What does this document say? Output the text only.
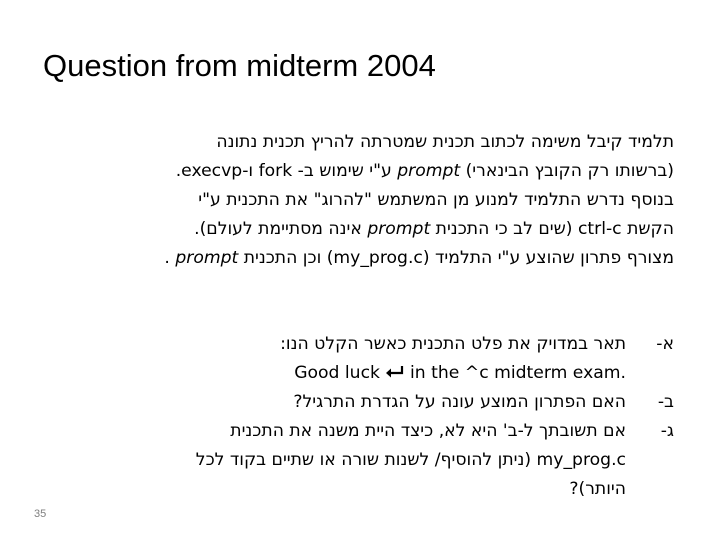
Question from midterm 2004
תלמיד קיבל משימה לכתוב תכנית שמטרתה להריץ תכנית נתונה
(ברשותו רק הקובץ הבינארי) prompt ע"י שימוש ב- fork ו-execvp.
בנוסף נדרש התלמיד למנוע מן המשתמש "להרוג" את התכנית ע"י
הקשת ctrl-c (שים לב כי התכנית prompt אינה מסתיימת לעולם).
מצורף פתרון שהוצע ע"י התלמיד (my_prog.c) וכן התכנית prompt .
א-
תאר במדויק את פלט התכנית כאשר הקלט הנו:
Good luck in the ^c midterm exam.
ב-
האם הפתרון המוצע עונה על הגדרת התרגיל?
ג-
אם תשובתך ל-ב' היא לא, כיצד היית משנה את התכנית
my_prog.c (ניתן להוסיף/ לשנות שורה או שתיים בקוד לכל
היותר)?
35
